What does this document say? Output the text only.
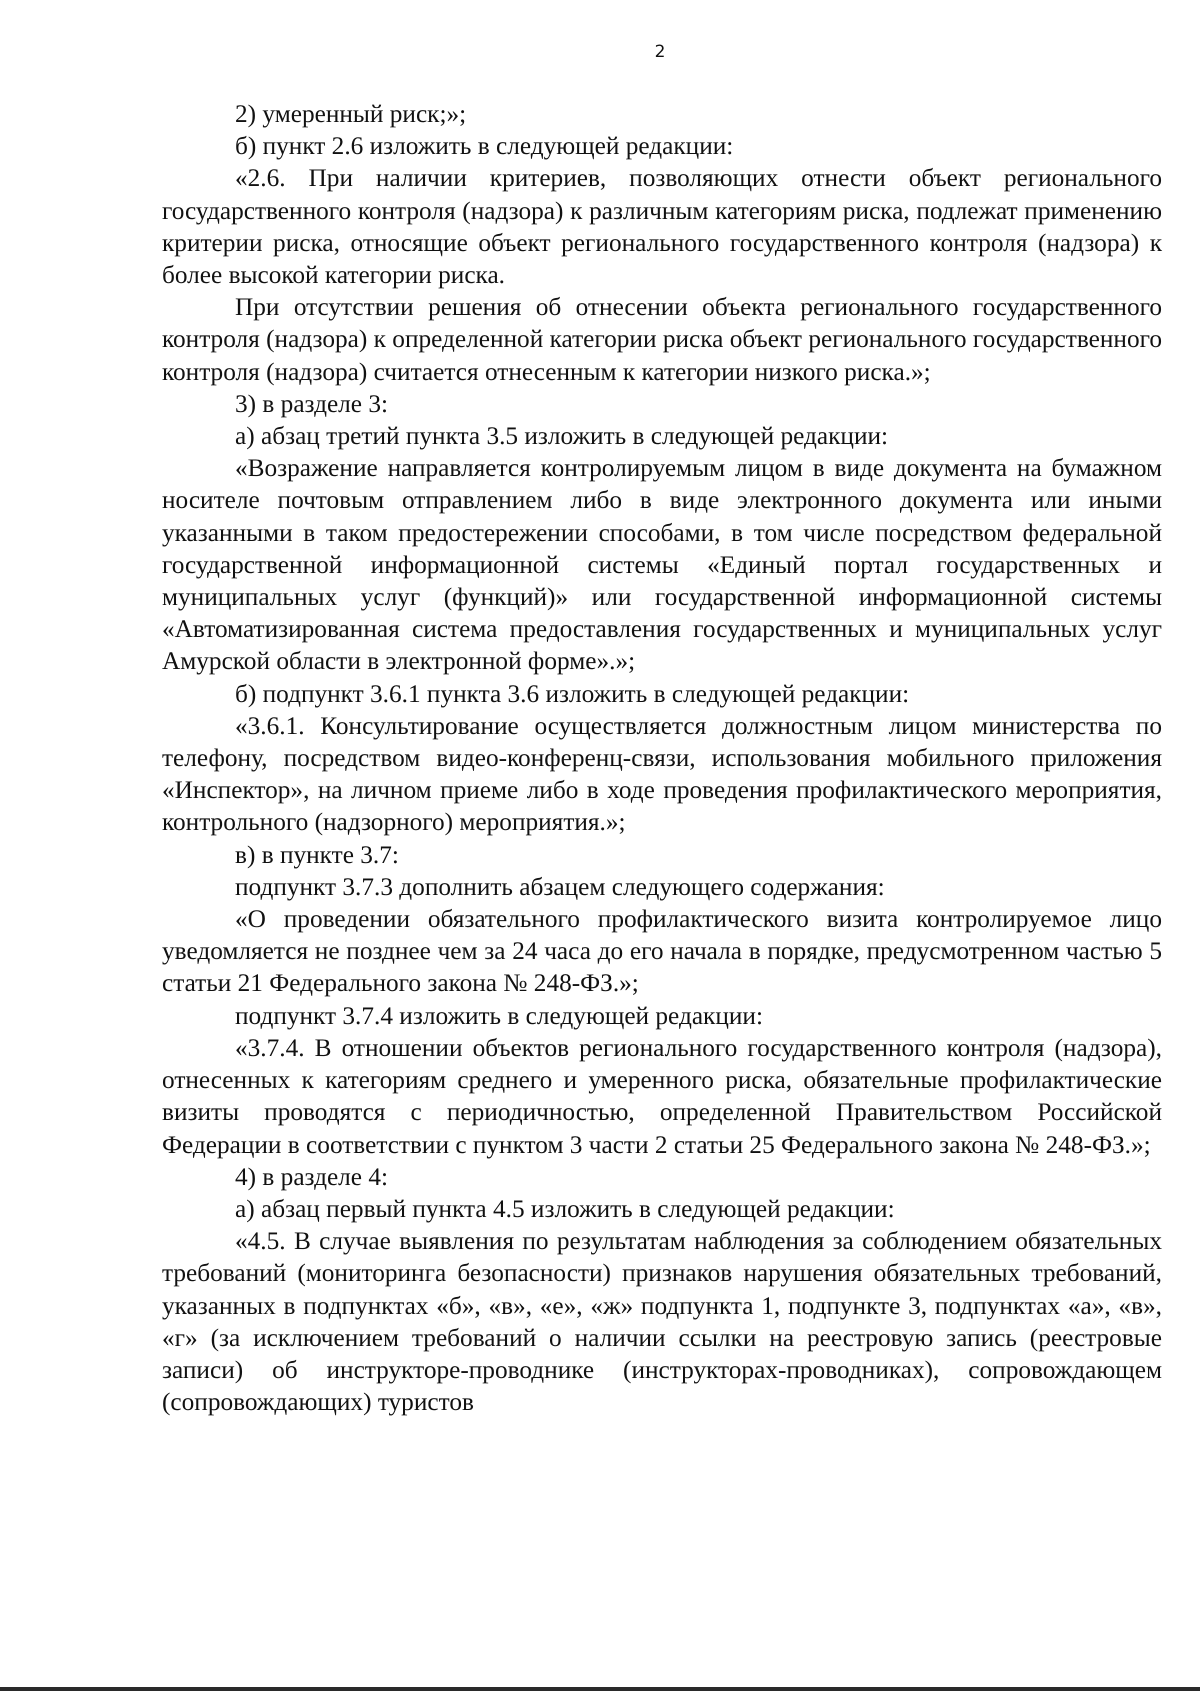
2

2) умеренный риск;»;

б) пункт 2.6 изложить в следующей редакции:

«2.6. При наличии критериев, позволяющих отнести объект регионального государственного контроля (надзора) к различным категориям риска, подлежат применению критерии риска, относящие объект регионального государственного контроля (надзора) к более высокой категории риска.

При отсутствии решения об отнесении объекта регионального государственного контроля (надзора) к определенной категории риска объект регионального государственного контроля (надзора) считается отнесенным к категории низкого риска.»;

3) в разделе 3:

а) абзац третий пункта 3.5 изложить в следующей редакции:

«Возражение направляется контролируемым лицом в виде документа на бумажном носителе почтовым отправлением либо в виде электронного документа или иными указанными в таком предостережении способами, в том числе посредством федеральной государственной информационной системы «Единый портал государственных и муниципальных услуг (функций)» или государственной информационной системы «Автоматизированная система предоставления государственных и муниципальных услуг Амурской области в электронной форме».»;

б) подпункт 3.6.1 пункта 3.6 изложить в следующей редакции:

«3.6.1. Консультирование осуществляется должностным лицом министерства по телефону, посредством видео-конференц-связи, использования мобильного приложения «Инспектор», на личном приеме либо в ходе проведения профилактического мероприятия, контрольного (надзорного) мероприятия.»;

в) в пункте 3.7:

подпункт 3.7.3 дополнить абзацем следующего содержания:

«О проведении обязательного профилактического визита контролируемое лицо уведомляется не позднее чем за 24 часа до его начала в порядке, предусмотренном частью 5 статьи 21 Федерального закона № 248-ФЗ.»;

подпункт 3.7.4 изложить в следующей редакции:

«3.7.4. В отношении объектов регионального государственного контроля (надзора), отнесенных к категориям среднего и умеренного риска, обязательные профилактические визиты проводятся с периодичностью, определенной Правительством Российской Федерации в соответствии с пунктом 3 части 2 статьи 25 Федерального закона № 248-ФЗ.»;

4) в разделе 4:

а) абзац первый пункта 4.5 изложить в следующей редакции:

«4.5. В случае выявления по результатам наблюдения за соблюдением обязательных требований (мониторинга безопасности) признаков нарушения обязательных требований, указанных в подпунктах «б», «в», «е», «ж» подпункта 1, подпункте 3, подпунктах «а», «в», «г» (за исключением требований о наличии ссылки на реестровую запись (реестровые записи) об инструкторе-проводнике (инструкторах-проводниках), сопровождающем (сопровождающих) туристов
